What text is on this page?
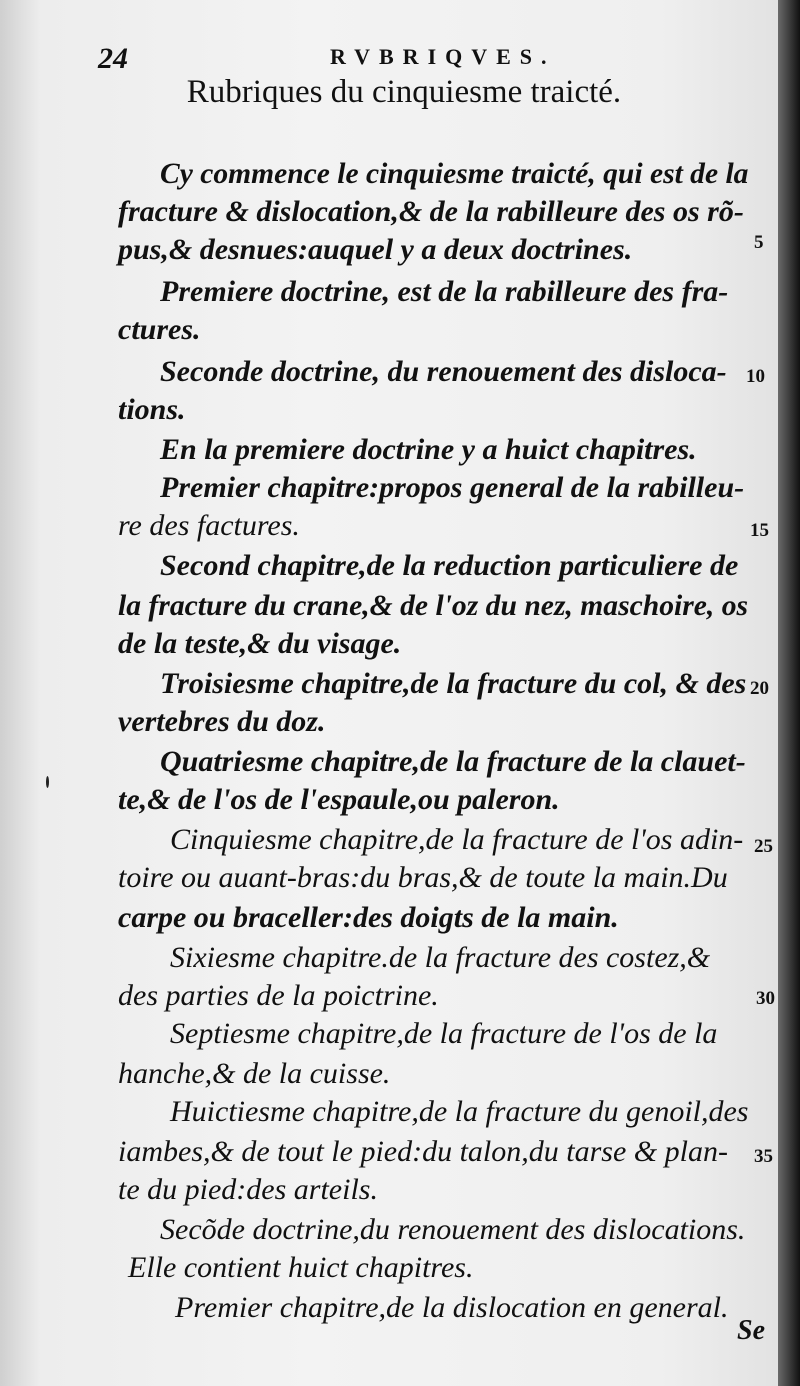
24	RVBRIQVES.
Rubriques du cinquiesme traicté.
Cy commence le cinquiesme traicté, qui est de la
fracture & dislocation,& de la rabilleure des os rõ-
pus,& desnues:auquel y a deux doctrines.
Premiere doctrine, est de la rabilleure des fra-
ctures.
Seconde doctrine, du renouement des disloca-
tions.
En la premiere doctrine y a huict chapitres.
Premier chapitre:propos general de la rabilleu-
re des factures.
Second chapitre,de la reduction particuliere de
la fracture du crane,& de l'oz du nez, maschoire, os
de la teste,& du visage.
Troisiesme chapitre,de la fracture du col, & des
vertebres du doz.
Quatriesme chapitre,de la fracture de la clauet-
te,& de l'os de l'espaule,ou paleron.
Cinquiesme chapitre,de la fracture de l'os adin-
toire ou auant-bras:du bras,& de toute la main.Du
carpe ou braceller:des doigts de la main.
Sixiesme chapitre.de la fracture des costez,&
des parties de la poictrine.
Septiesme chapitre,de la fracture de l'os de la
hanche,& de la cuisse.
Huictiesme chapitre,de la fracture du genoil,des
iambes,& de tout le pied:du talon,du tarse & plan-
te du pied:des arteils.
Secõde doctrine,du renouement des dislocations.
Elle contient huict chapitres.
Premier chapitre,de la dislocation en general.
5
10
15
20
25
30
35
Se
